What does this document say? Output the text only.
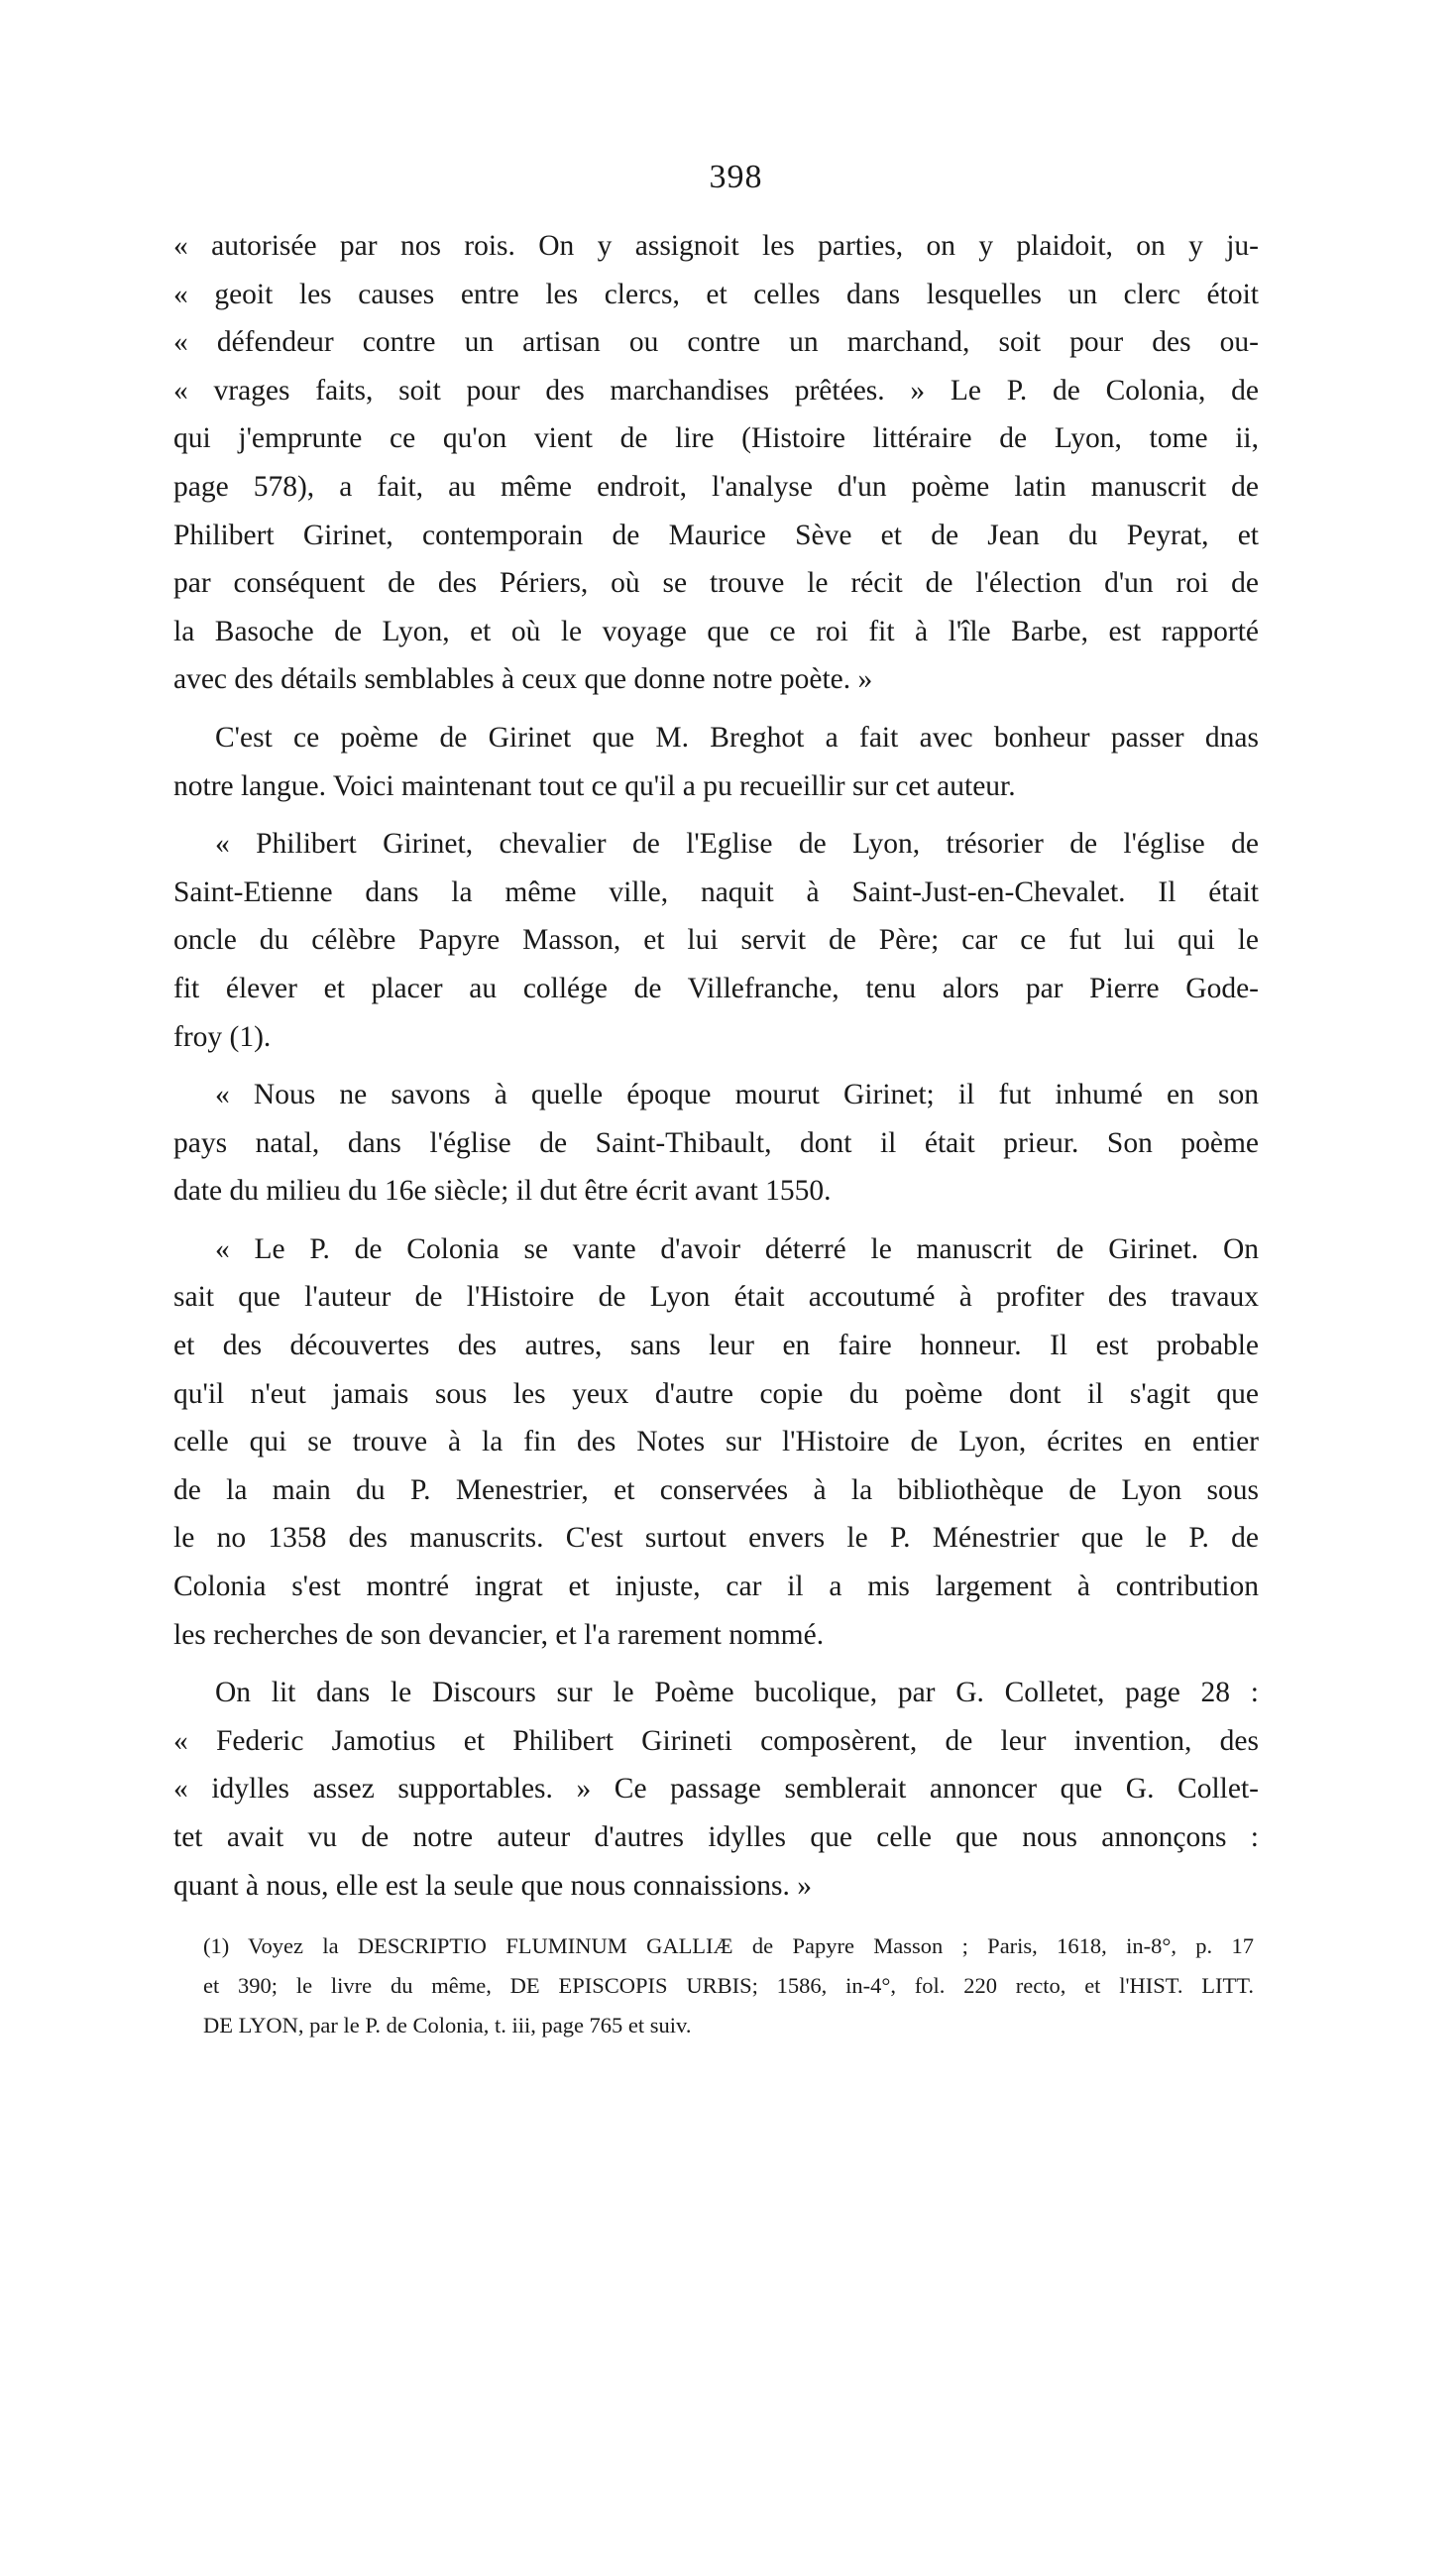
398
« autorisée par nos rois. On y assignoit les parties, on y plaidoit, on y ju-
« geoit les causes entre les clercs, et celles dans lesquelles un clerc étoit
« défendeur contre un artisan ou contre un marchand, soit pour des ou-
« vrages faits, soit pour des marchandises prêtées. » Le P. de Colonia, de
qui j'emprunte ce qu'on vient de lire (Histoire littéraire de Lyon, tome ii,
page 578), a fait, au même endroit, l'analyse d'un poème latin manuscrit de
Philibert Girinet, contemporain de Maurice Sève et de Jean du Peyrat, et
par conséquent de des Périers, où se trouve le récit de l'élection d'un roi de
la Basoche de Lyon, et où le voyage que ce roi fit à l'île Barbe, est rapporté
avec des détails semblables à ceux que donne notre poète. »
C'est ce poème de Girinet que M. Breghot a fait avec bonheur passer dnas
notre langue. Voici maintenant tout ce qu'il a pu recueillir sur cet auteur.
« Philibert Girinet, chevalier de l'Eglise de Lyon, trésorier de l'église de
Saint-Etienne dans la même ville, naquit à Saint-Just-en-Chevalet. Il était
oncle du célèbre Papyre Masson, et lui servit de Père; car ce fut lui qui le
fit élever et placer au collége de Villefranche, tenu alors par Pierre Gode-
froy (1).
« Nous ne savons à quelle époque mourut Girinet; il fut inhumé en son
pays natal, dans l'église de Saint-Thibault, dont il était prieur. Son poème
date du milieu du 16e siècle; il dut être écrit avant 1550.
« Le P. de Colonia se vante d'avoir déterré le manuscrit de Girinet. On
sait que l'auteur de l'Histoire de Lyon était accoutumé à profiter des travaux
et des découvertes des autres, sans leur en faire honneur. Il est probable
qu'il n'eut jamais sous les yeux d'autre copie du poème dont il s'agit que
celle qui se trouve à la fin des Notes sur l'Histoire de Lyon, écrites en entier
de la main du P. Menestrier, et conservées à la bibliothèque de Lyon sous
le no 1358 des manuscrits. C'est surtout envers le P. Ménestrier que le P. de
Colonia s'est montré ingrat et injuste, car il a mis largement à contribution
les recherches de son devancier, et l'a rarement nommé.
On lit dans le Discours sur le Poème bucolique, par G. Colletet, page 28 :
« Federic Jamotius et Philibert Girineti composèrent, de leur invention, des
« idylles assez supportables. » Ce passage semblerait annoncer que G. Collet-
tet avait vu de notre auteur d'autres idylles que celle que nous annonçons :
quant à nous, elle est la seule que nous connaissions. »
(1) Voyez la DESCRIPTIO FLUMINUM GALLIÆ de Papyre Masson ; Paris, 1618, in-8°, p. 17
et 390; le livre du même, DE EPISCOPIS URBIS; 1586, in-4°, fol. 220 recto, et l'HIST. LITT.
DE LYON, par le P. de Colonia, t. iii, page 765 et suiv.
